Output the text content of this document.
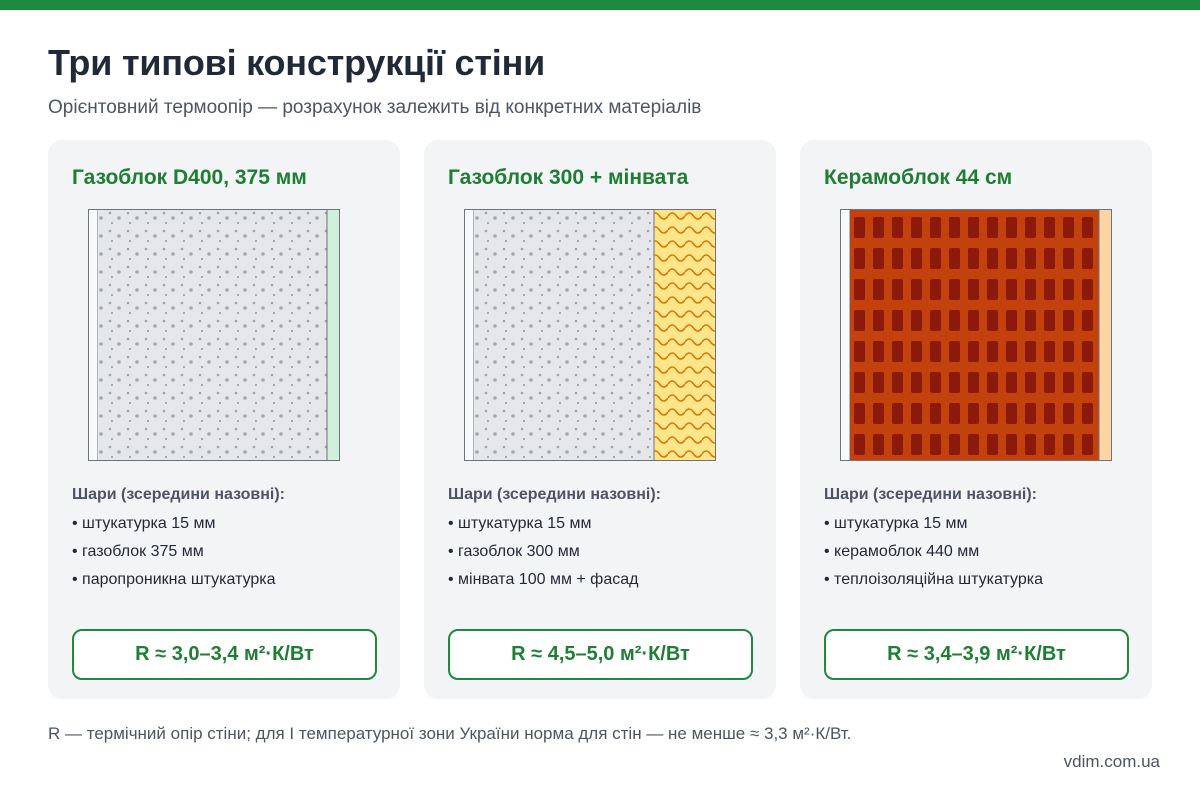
Три типові конструкції стіни
Орієнтовний термоопір — розрахунок залежить від конкретних матеріалів
Газоблок D400, 375 мм
Шари (зсередини назовні):
• штукатурка 15 мм
• газоблок 375 мм
• паропроникна штукатурка
R ≈ 3,0–3,4 м²·К/Вт
Газоблок 300 + мінвата
Шари (зсередини назовні):
• штукатурка 15 мм
• газоблок 300 мм
• мінвата 100 мм + фасад
R ≈ 4,5–5,0 м²·К/Вт
Керамоблок 44 см
Шари (зсередини назовні):
• штукатурка 15 мм
• керамоблок 440 мм
• теплоізоляційна штукатурка
R ≈ 3,4–3,9 м²·К/Вт
R — термічний опір стіни; для I температурної зони України норма для стін — не менше ≈ 3,3 м²·К/Вт.
vdim.com.ua
